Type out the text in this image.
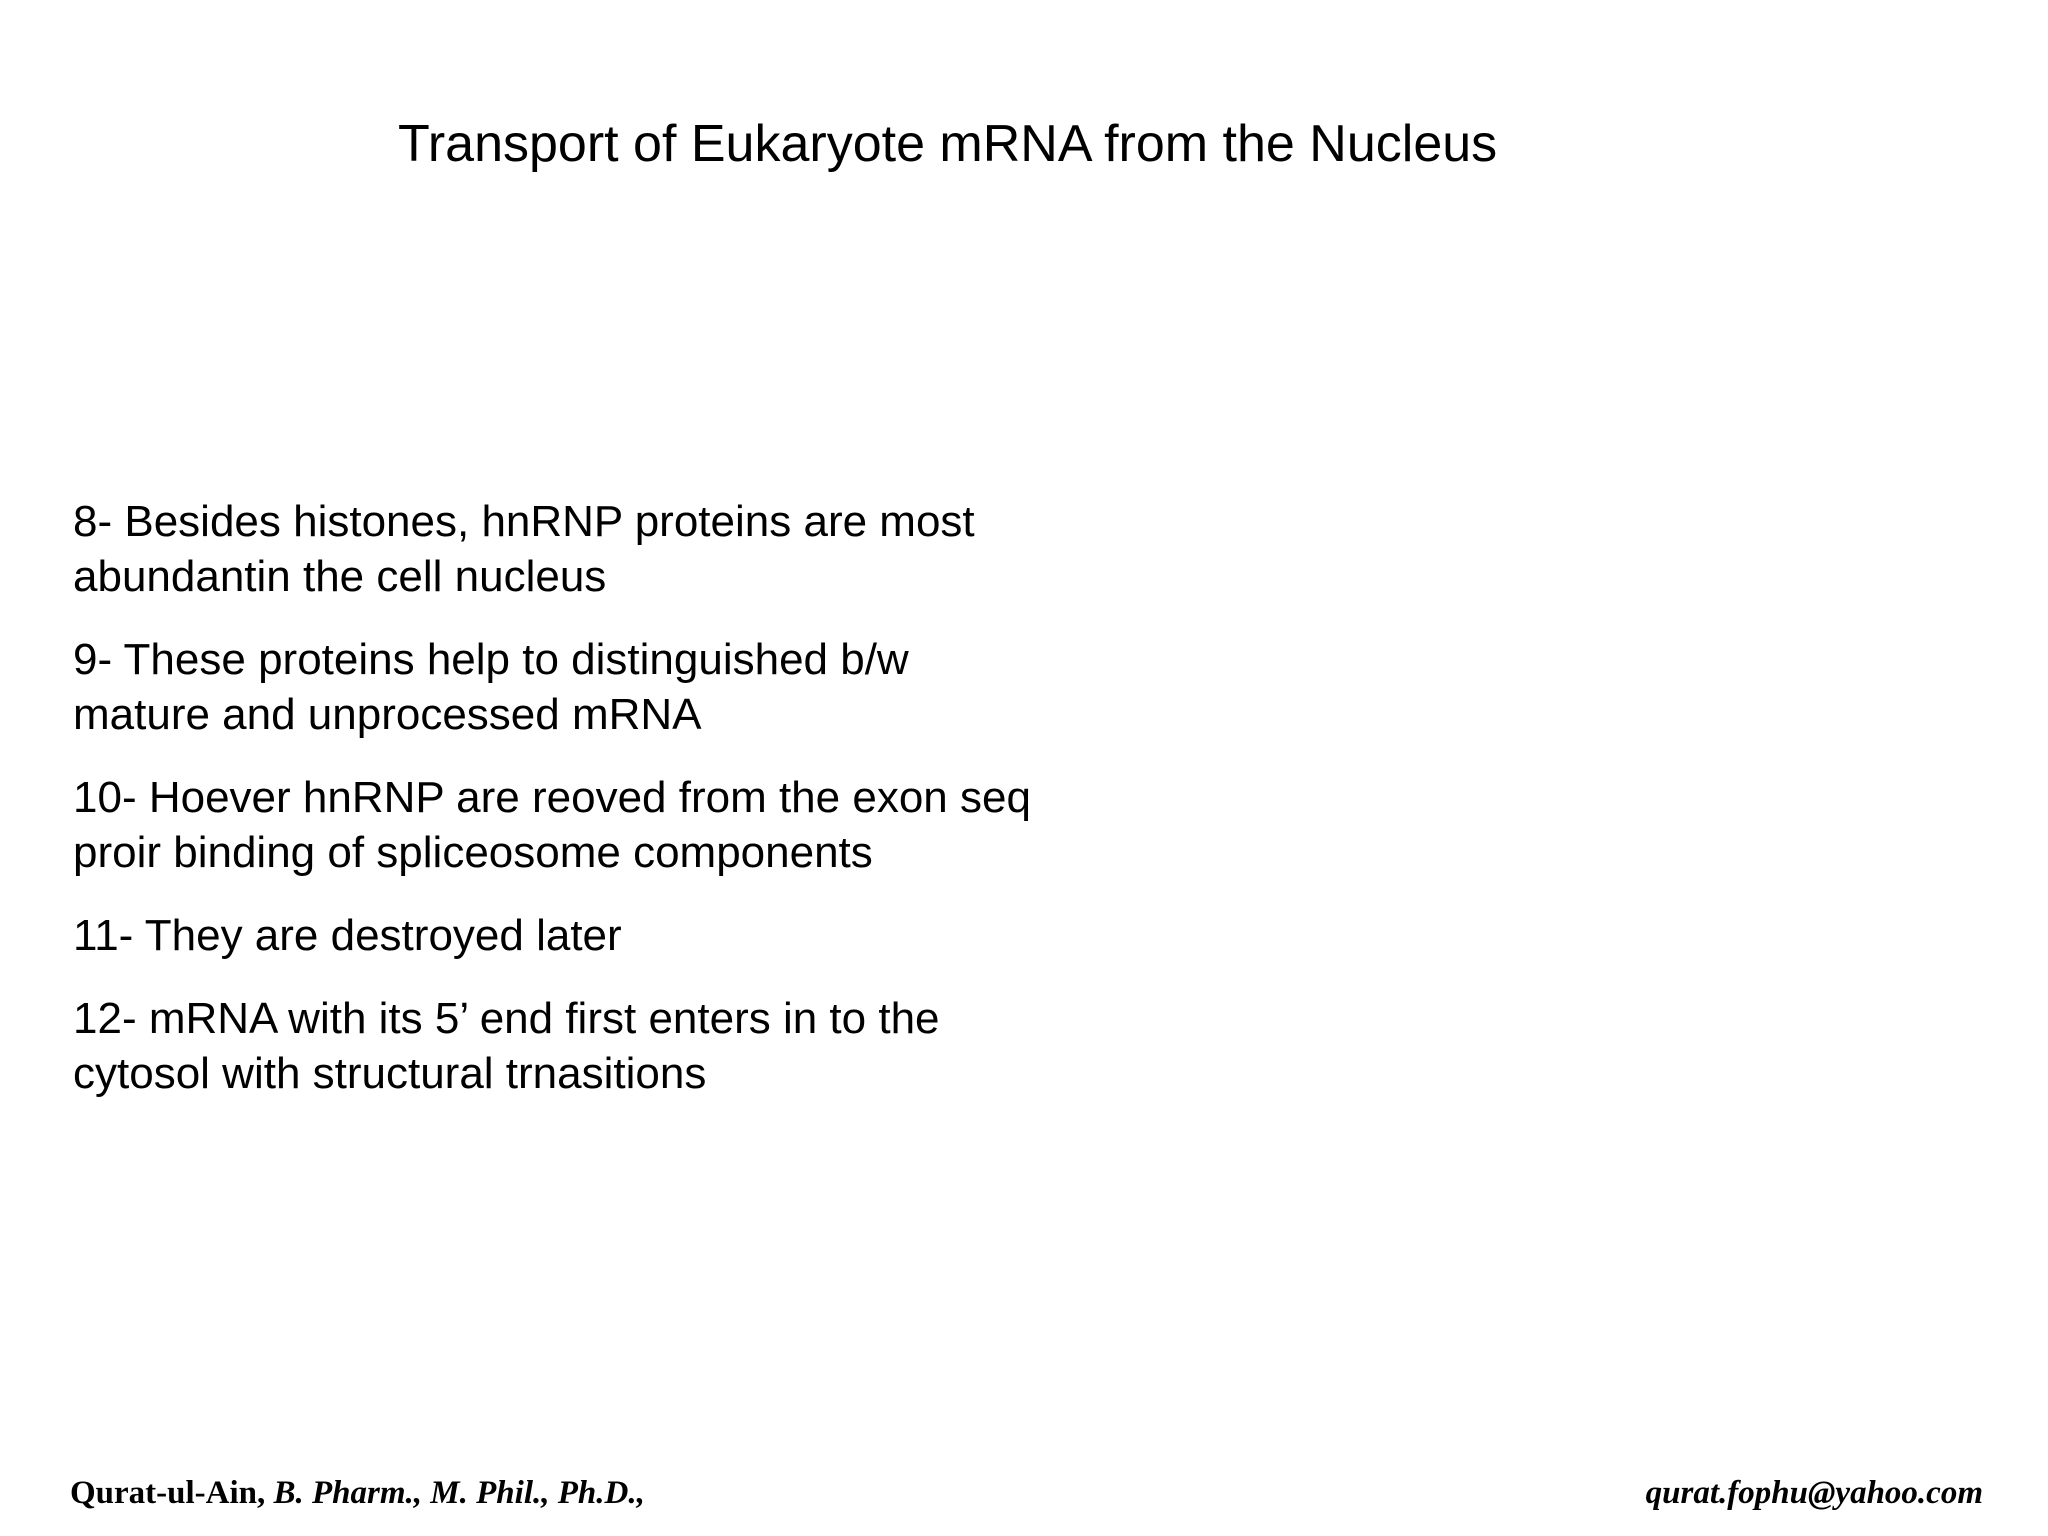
Transport of Eukaryote mRNA from the Nucleus
8- Besides histones, hnRNP proteins are most
abundantin the cell nucleus
9- These proteins help to distinguished b/w
mature and unprocessed mRNA
10- Hoever hnRNP are reoved from the exon seq
proir binding of spliceosome components
11- They are destroyed later
12- mRNA with its 5’ end first enters in to the
cytosol with structural trnasitions
Qurat-ul-Ain, B. Pharm., M. Phil., Ph.D.,	qurat.fophu@yahoo.com
